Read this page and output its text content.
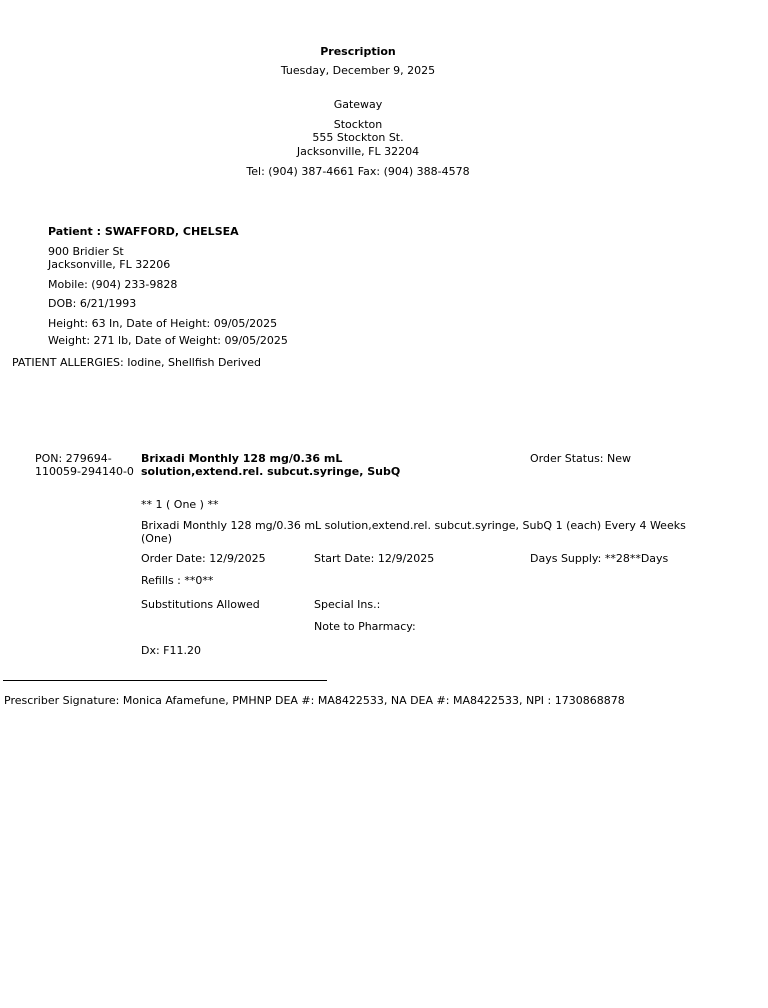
Prescription
Tuesday, December 9, 2025
Gateway
Stockton
555 Stockton St.
Jacksonville, FL 32204
Tel: (904) 387-4661 Fax: (904) 388-4578
Patient : SWAFFORD, CHELSEA
900 Bridier St
Jacksonville, FL 32206
Mobile: (904) 233-9828
DOB: 6/21/1993
Height: 63 In, Date of Height: 09/05/2025
Weight: 271 lb, Date of Weight: 09/05/2025
PATIENT ALLERGIES: Iodine, Shellfish Derived
PON: 279694-110059-294140-0
Brixadi Monthly 128 mg/0.36 mL solution,extend.rel. subcut.syringe, SubQ
Order Status: New
** 1 ( One ) **
Brixadi Monthly 128 mg/0.36 mL solution,extend.rel. subcut.syringe, SubQ 1 (each) Every 4 Weeks (One)
Order Date: 12/9/2025	Start Date: 12/9/2025	Days Supply: **28**Days
Refills : **0**
Substitutions Allowed	Special Ins.:
Note to Pharmacy:
Dx: F11.20
Prescriber Signature: Monica Afamefune, PMHNP DEA #: MA8422533, NA DEA #: MA8422533, NPI : 1730868878
